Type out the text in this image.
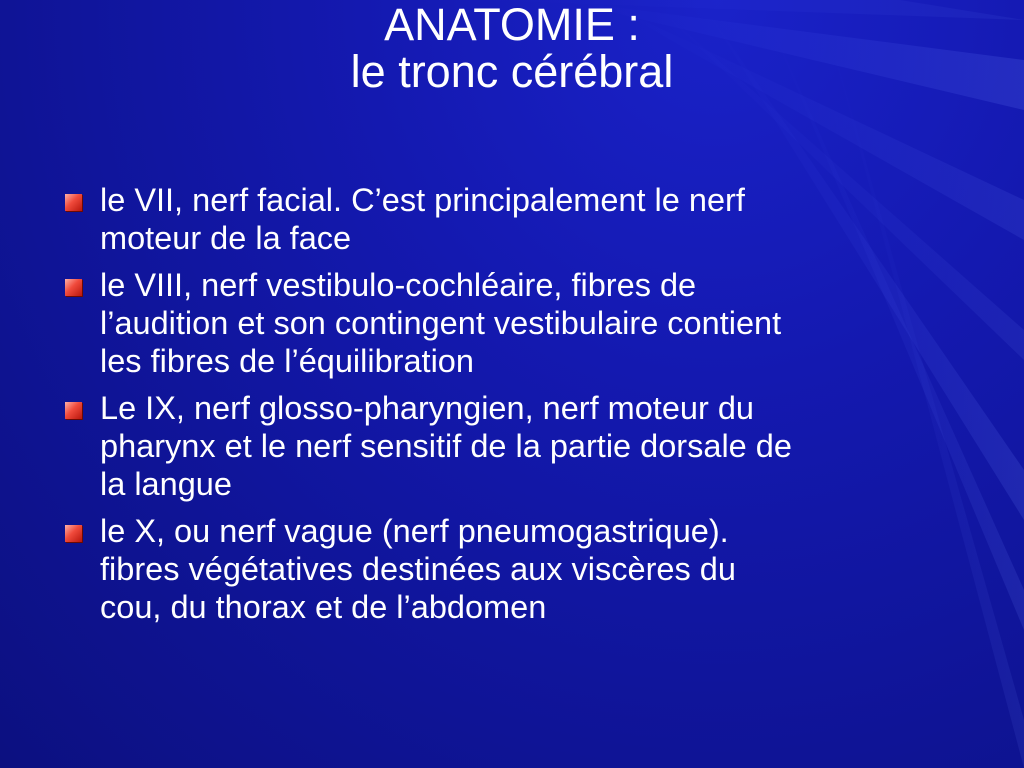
ANATOMIE :
le tronc cérébral
le VII, nerf facial. C’est principalement le nerf
moteur de la face
le VIII, nerf vestibulo-cochléaire, fibres de
l’audition et son contingent vestibulaire contient
les fibres de l’équilibration
Le IX, nerf glosso-pharyngien, nerf moteur du
pharynx et le nerf sensitif de la partie dorsale de
la langue
le X, ou nerf vague (nerf pneumogastrique).
fibres végétatives destinées aux viscères du
cou, du thorax et de l’abdomen
